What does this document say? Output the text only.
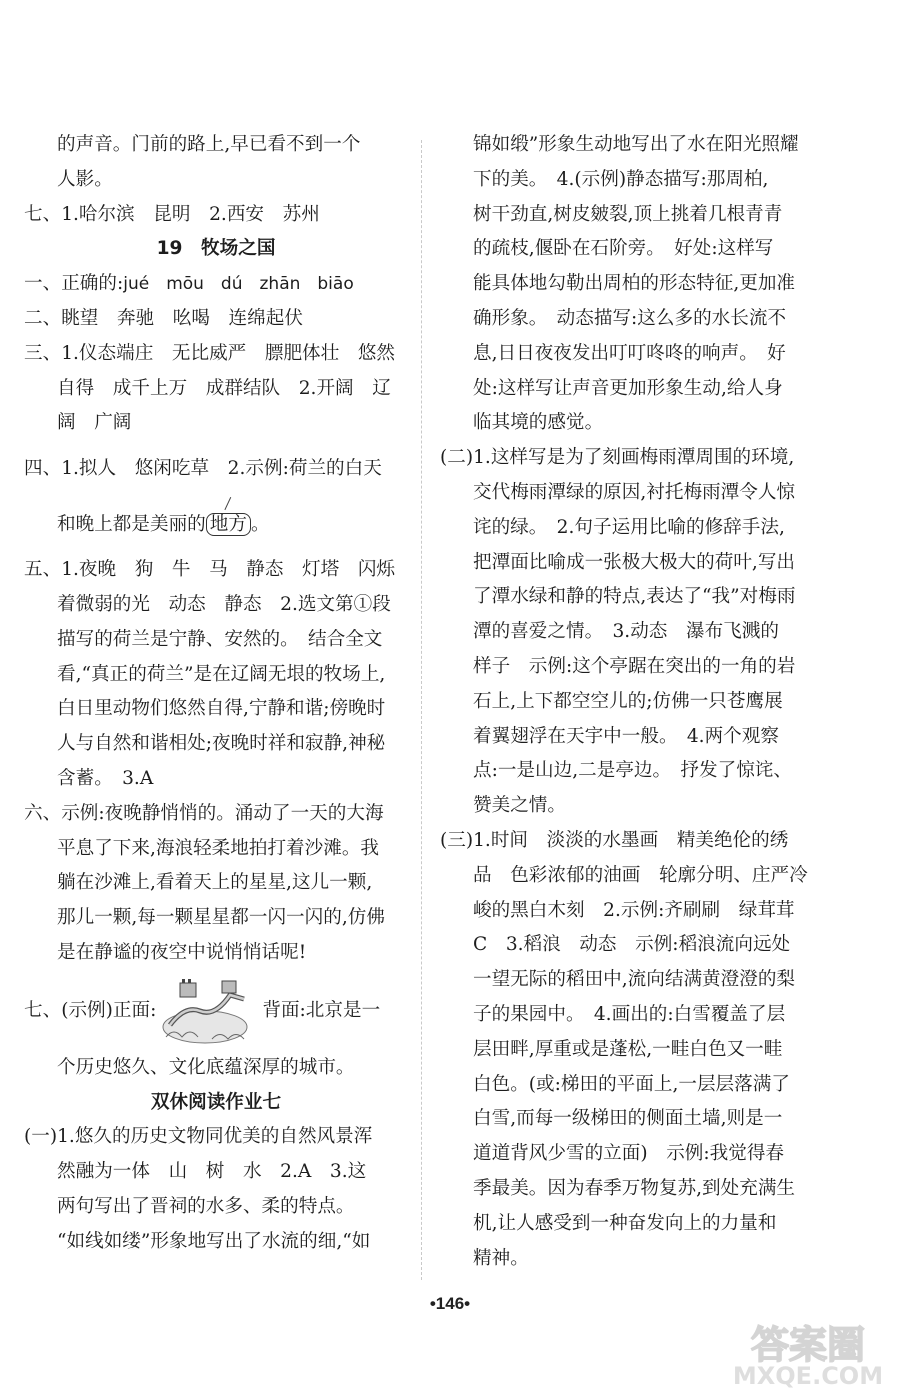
的声音。门前的路上,早已看不到一个
人影。
七、1.哈尔滨　昆明　2.西安　苏州
19　牧场之国
一、正确的:jué　mōu　dú　zhān　biāo
二、眺望　奔驰　吆喝　连绵起伏
三、1.仪态端庄　无比威严　膘肥体壮　悠然
自得　成千上万　成群结队　2.开阔　辽
阔　广阔
四、1.拟人　悠闲吃草　2.示例:荷兰的白天
和晚上都是美丽的 地方 。
五、1.夜晚　狗　牛　马　静态　灯塔　闪烁
着微弱的光　动态　静态　2.选文第①段
描写的荷兰是宁静、安然的。　结合全文
看,“真正的荷兰”是在辽阔无垠的牧场上,
白日里动物们悠然自得,宁静和谐;傍晚时
人与自然和谐相处;夜晚时祥和寂静,神秘
含蓄。　3.A
六、示例:夜晚静悄悄的。涌动了一天的大海
平息了下来,海浪轻柔地拍打着沙滩。我
躺在沙滩上,看着天上的星星,这儿一颗,
那儿一颗,每一颗星星都一闪一闪的,仿佛
是在静谧的夜空中说悄悄话呢!
七、(示例)正面:	背面:北京是一
个历史悠久、文化底蕴深厚的城市。
双休阅读作业七
(一)1.悠久的历史文物同优美的自然风景浑
然融为一体　山　树　水　2.A　3.这
两句写出了晋祠的水多、柔的特点。
“如线如缕”形象地写出了水流的细,“如
锦如缎”形象生动地写出了水在阳光照耀
下的美。　4.(示例)静态描写:那周柏,
树干劲直,树皮皴裂,顶上挑着几根青青
的疏枝,偃卧在石阶旁。　好处:这样写
能具体地勾勒出周柏的形态特征,更加准
确形象。　动态描写:这么多的水长流不
息,日日夜夜发出叮叮咚咚的响声。　好
处:这样写让声音更加形象生动,给人身
临其境的感觉。
(二)1.这样写是为了刻画梅雨潭周围的环境,
交代梅雨潭绿的原因,衬托梅雨潭令人惊
诧的绿。　2.句子运用比喻的修辞手法,
把潭面比喻成一张极大极大的荷叶,写出
了潭水绿和静的特点,表达了“我”对梅雨
潭的喜爱之情。　3.动态　瀑布飞溅的
样子　示例:这个亭踞在突出的一角的岩
石上,上下都空空儿的;仿佛一只苍鹰展
着翼翅浮在天宇中一般。　4.两个观察
点:一是山边,二是亭边。　抒发了惊诧、
赞美之情。
(三)1.时间　淡淡的水墨画　精美绝伦的绣
品　色彩浓郁的油画　轮廓分明、庄严冷
峻的黑白木刻　2.示例:齐刷刷　绿茸茸
C　3.稻浪　动态　示例:稻浪流向远处
一望无际的稻田中,流向结满黄澄澄的梨
子的果园中。　4.画出的:白雪覆盖了层
层田畔,厚重或是蓬松,一畦白色又一畦
白色。(或:梯田的平面上,一层层落满了
白雪,而每一级梯田的侧面土墙,则是一
道道背风少雪的立面)　示例:我觉得春
季最美。因为春季万物复苏,到处充满生
机,让人感受到一种奋发向上的力量和
精神。
•146•
答案圈
MXQE.COM
